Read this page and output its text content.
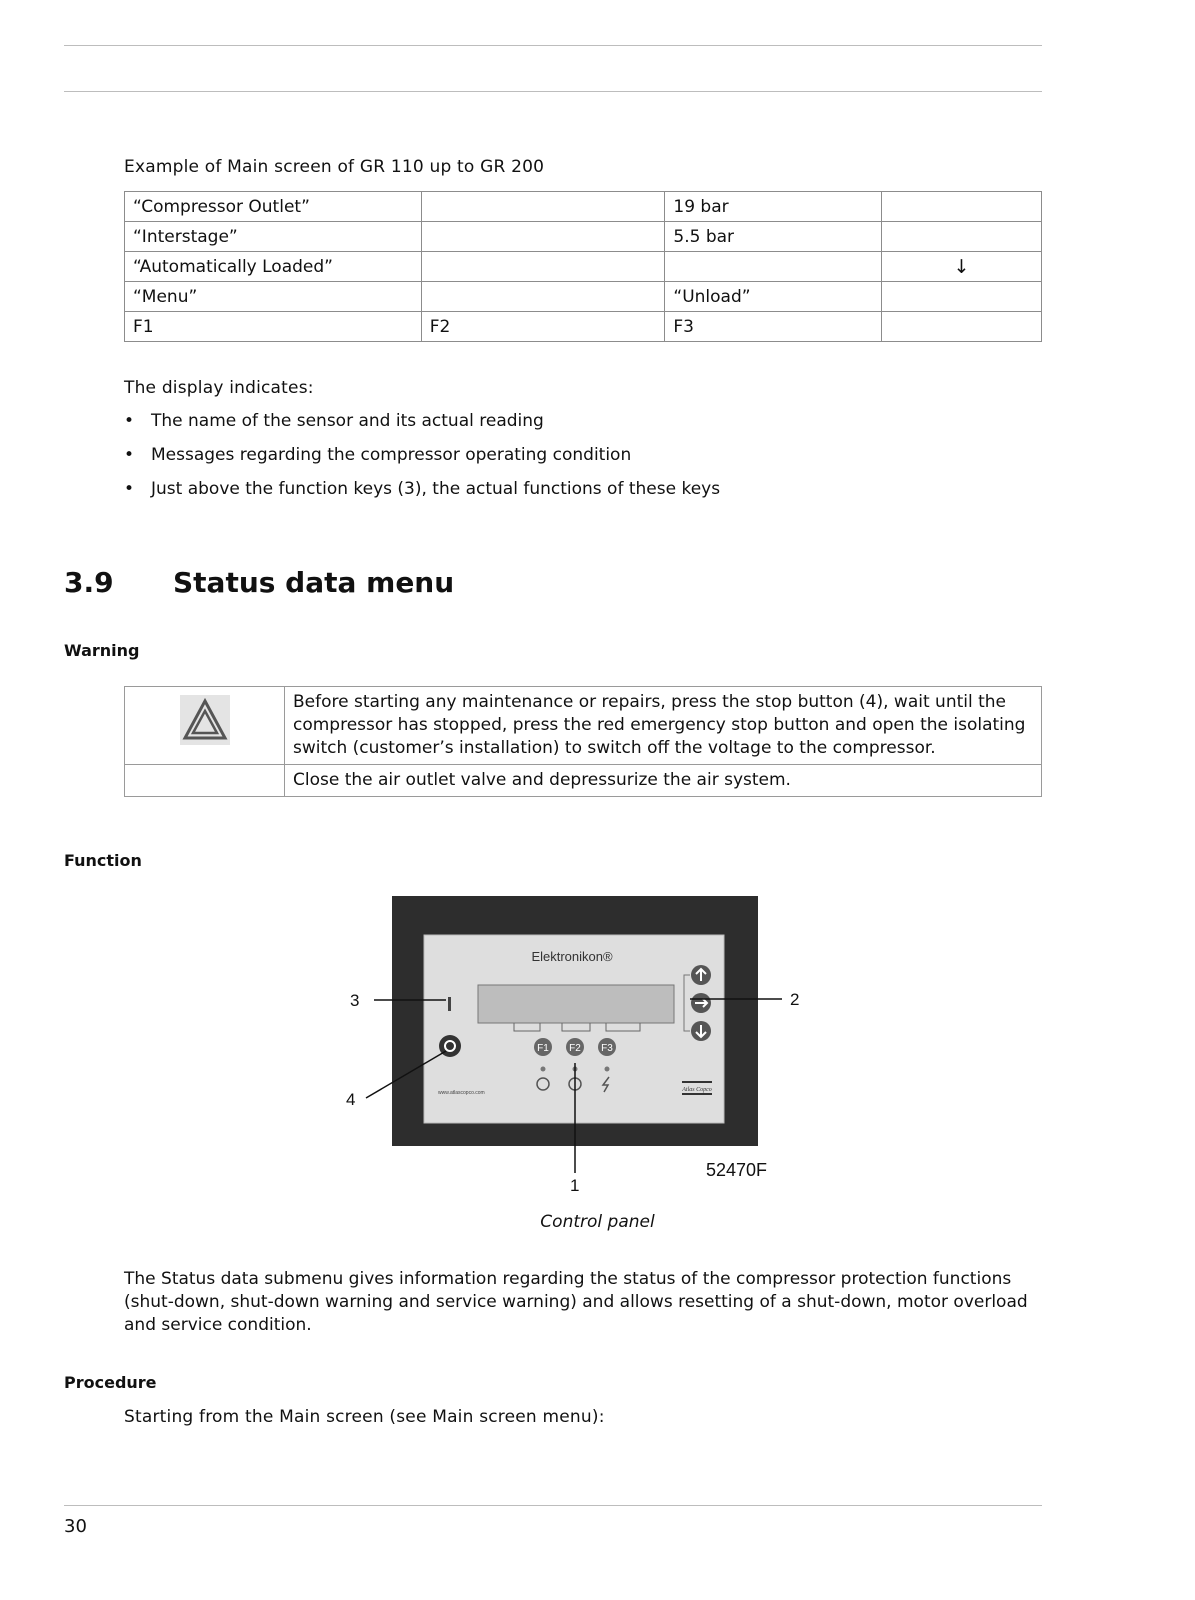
Example of Main screen of GR 110 up to GR 200
“Compressor Outlet”		19 bar	
“Interstage”		5.5 bar	
“Automatically Loaded”			↓
“Menu”		“Unload”	
F1	F2	F3	
The display indicates:
• The name of the sensor and its actual reading
• Messages regarding the compressor operating condition
• Just above the function keys (3), the actual functions of these keys
3.9 Status data menu
Warning
	Before starting any maintenance or repairs, press the stop button (4), wait until the compressor has stopped, press the red emergency stop button and open the isolating switch (customer’s installation) to switch off the voltage to the compressor.
	Close the air outlet valve and depressurize the air system.
Function
Elektronikon®
F1 F2 F3
www.atlascopco.com	Atlas Copco
3	2
4
1
52470F
Control panel
The Status data submenu gives information regarding the status of the compressor protection functions (shut-down, shut-down warning and service warning) and allows resetting of a shut-down, motor overload and service condition.
Procedure
Starting from the Main screen (see Main screen menu):
30
